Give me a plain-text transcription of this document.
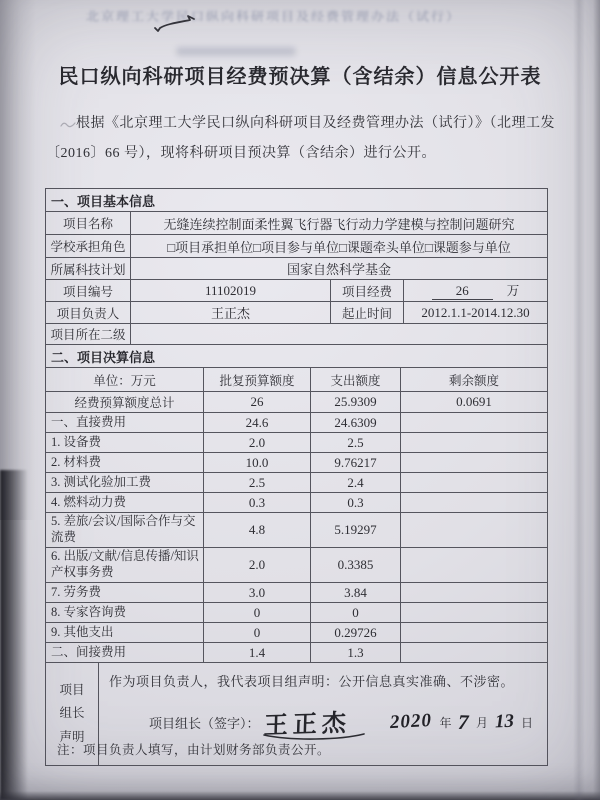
北京理工大学民口纵向科研项目及经费管理办法（试行）
民口纵向科研项目经费预决算（含结余）信息公开表
根据《北京理工大学民口纵向科研项目及经费管理办法（试行）》（北理工发
〔2016〕66 号），现将科研项目预决算（含结余）进行公开。
一、项目基本信息			
项目名称	无缝连续控制面柔性翼飞行器飞行动力学建模与控制问题研究		
学校承担角色	□项目承担单位□项目参与单位□课题牵头单位□课题参与单位		
所属科技计划	国家自然科学基金		
项目编号	11102019	项目经费	26 万
项目负责人	王正杰	起止时间	2012.1.1-2014.12.30
项目所在二级			
二、项目决算信息			
单位：万元	批复预算额度	支出额度	剩余额度
经费预算额度总计	26	25.9309	0.0691
一、直接费用	24.6	24.6309	
1. 设备费	2.0	2.5	
2. 材料费	10.0	9.76217	
3. 测试化验加工费	2.5	2.4	
4. 燃料动力费	0.3	0.3	
5. 差旅/会议/国际合作与交流费	4.8	5.19297	
6. 出版/文献/信息传播/知识产权事务费	2.0	0.3385	
7. 劳务费	3.0	3.84	
8. 专家咨询费	0	0	
9. 其他支出	0	0.29726	
二、间接费用	1.4	1.3	
项目
组长
声明

作为项目负责人，我代表项目组声明：公开信息真实准确、不涉密。
项目组长（签字）： 王正杰 2020 年 7 月 13 日
注：项目负责人填写，由计划财务部负责公开。
